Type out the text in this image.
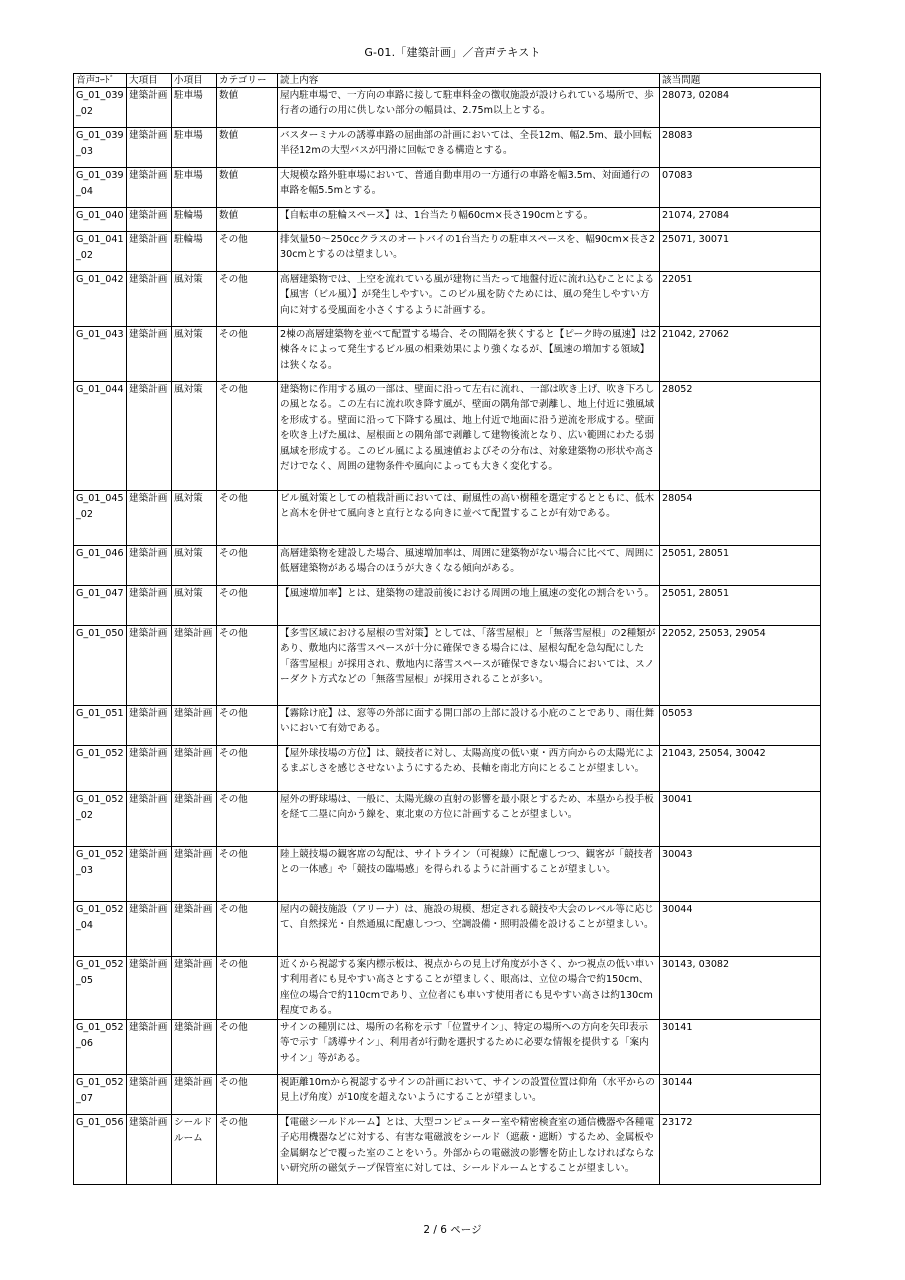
G-01.「建築計画」／音声テキスト
音声ｺｰﾄﾞ	大項目	小項目	カテゴリー	読上内容	該当問題
G_01_039_02	建築計画	駐車場	数値	屋内駐車場で、一方向の車路に接して駐車料金の徴収施設が設けられている場所で、歩行者の通行の用に供しない部分の幅員は、2.75m以上とする。	28073, 02084
G_01_039_03	建築計画	駐車場	数値	バスターミナルの誘導車路の屈曲部の計画においては、全長12m、幅2.5m、最小回転半径12mの大型バスが円滑に回転できる構造とする。	28083
G_01_039_04	建築計画	駐車場	数値	大規模な路外駐車場において、普通自動車用の一方通行の車路を幅3.5m、対面通行の車路を幅5.5mとする。	07083
G_01_040	建築計画	駐輪場	数値	【自転車の駐輪スペース】は、1台当たり幅60cm×長さ190cmとする。	21074, 27084
G_01_041_02	建築計画	駐輪場	その他	排気量50～250ccクラスのオートバイの1台当たりの駐車スペースを、幅90cm×長さ230cmとするのは望ましい。	25071, 30071
G_01_042	建築計画	風対策	その他	高層建築物では、上空を流れている風が建物に当たって地盤付近に流れ込むことによる【風害（ビル風）】が発生しやすい。このビル風を防ぐためには、風の発生しやすい方向に対する受風面を小さくするように計画する。	22051
G_01_043	建築計画	風対策	その他	2棟の高層建築物を並べて配置する場合、その間隔を狭くすると【ピーク時の風速】は2棟各々によって発生するビル風の相乗効果により強くなるが、【風速の増加する領域】は狭くなる。	21042, 27062
G_01_044	建築計画	風対策	その他	建築物に作用する風の一部は、壁面に沿って左右に流れ、一部は吹き上げ、吹き下ろしの風となる。この左右に流れ吹き降す風が、壁面の隅角部で剥離し、地上付近に強風域を形成する。壁面に沿って下降する風は、地上付近で地面に沿う逆流を形成する。壁面を吹き上げた風は、屋根面との隅角部で剥離して建物後流となり、広い範囲にわたる弱風域を形成する。このビル風による風速値およびその分布は、対象建築物の形状や高さだけでなく、周囲の建物条件や風向によっても大きく変化する。	28052
G_01_045_02	建築計画	風対策	その他	ビル風対策としての植栽計画においては、耐風性の高い樹種を選定するとともに、低木と高木を併せて風向きと直行となる向きに並べて配置することが有効である。	28054
G_01_046	建築計画	風対策	その他	高層建築物を建設した場合、風速増加率は、周囲に建築物がない場合に比べて、周囲に低層建築物がある場合のほうが大きくなる傾向がある。	25051, 28051
G_01_047	建築計画	風対策	その他	【風速増加率】とは、建築物の建設前後における周囲の地上風速の変化の割合をいう。	25051, 28051
G_01_050	建築計画	建築計画	その他	【多雪区域における屋根の雪対策】としては、「落雪屋根」と「無落雪屋根」の2種類があり、敷地内に落雪スペースが十分に確保できる場合には、屋根勾配を急勾配にした「落雪屋根」が採用され、敷地内に落雪スペースが確保できない場合においては、スノーダクト方式などの「無落雪屋根」が採用されることが多い。	22052, 25053, 29054
G_01_051	建築計画	建築計画	その他	【霧除け庇】は、窓等の外部に面する開口部の上部に設ける小庇のことであり、雨仕舞いにおいて有効である。	05053
G_01_052	建築計画	建築計画	その他	【屋外球技場の方位】は、競技者に対し、太陽高度の低い東・西方向からの太陽光によるまぶしさを感じさせないようにするため、長軸を南北方向にとることが望ましい。	21043, 25054, 30042
G_01_052_02	建築計画	建築計画	その他	屋外の野球場は、一般に、太陽光線の直射の影響を最小限とするため、本塁から投手板を経て二塁に向かう線を、東北東の方位に計画することが望ましい。	30041
G_01_052_03	建築計画	建築計画	その他	陸上競技場の観客席の勾配は、サイトライン（可視線）に配慮しつつ、観客が「競技者との一体感」や「競技の臨場感」を得られるように計画することが望ましい。	30043
G_01_052_04	建築計画	建築計画	その他	屋内の競技施設（アリーナ）は、施設の規模、想定される競技や大会のレベル等に応じて、自然採光・自然通風に配慮しつつ、空調設備・照明設備を設けることが望ましい。	30044
G_01_052_05	建築計画	建築計画	その他	近くから視認する案内標示板は、視点からの見上げ角度が小さく、かつ視点の低い車いす利用者にも見やすい高さとすることが望ましく、眼高は、立位の場合で約150cm、座位の場合で約110cmであり、立位者にも車いす使用者にも見やすい高さは約130cm程度である。	30143, 03082
G_01_052_06	建築計画	建築計画	その他	サインの種別には、場所の名称を示す「位置サイン」、特定の場所への方向を矢印表示等で示す「誘導サイン」、利用者が行動を選択するために必要な情報を提供する「案内サイン」等がある。	30141
G_01_052_07	建築計画	建築計画	その他	視距離10mから視認するサインの計画において、サインの設置位置は仰角（水平からの見上げ角度）が10度を超えないようにすることが望ましい。	30144
G_01_056	建築計画	シールドルーム	その他	【電磁シールドルーム】とは、大型コンピューター室や精密検査室の通信機器や各種電子応用機器などに対する、有害な電磁波をシールド（遮蔽・遮断）するため、金属板や金属網などで覆った室のことをいう。外部からの電磁波の影響を防止しなければならない研究所の磁気テープ保管室に対しては、シールドルームとすることが望ましい。	23172
2 / 6 ページ
